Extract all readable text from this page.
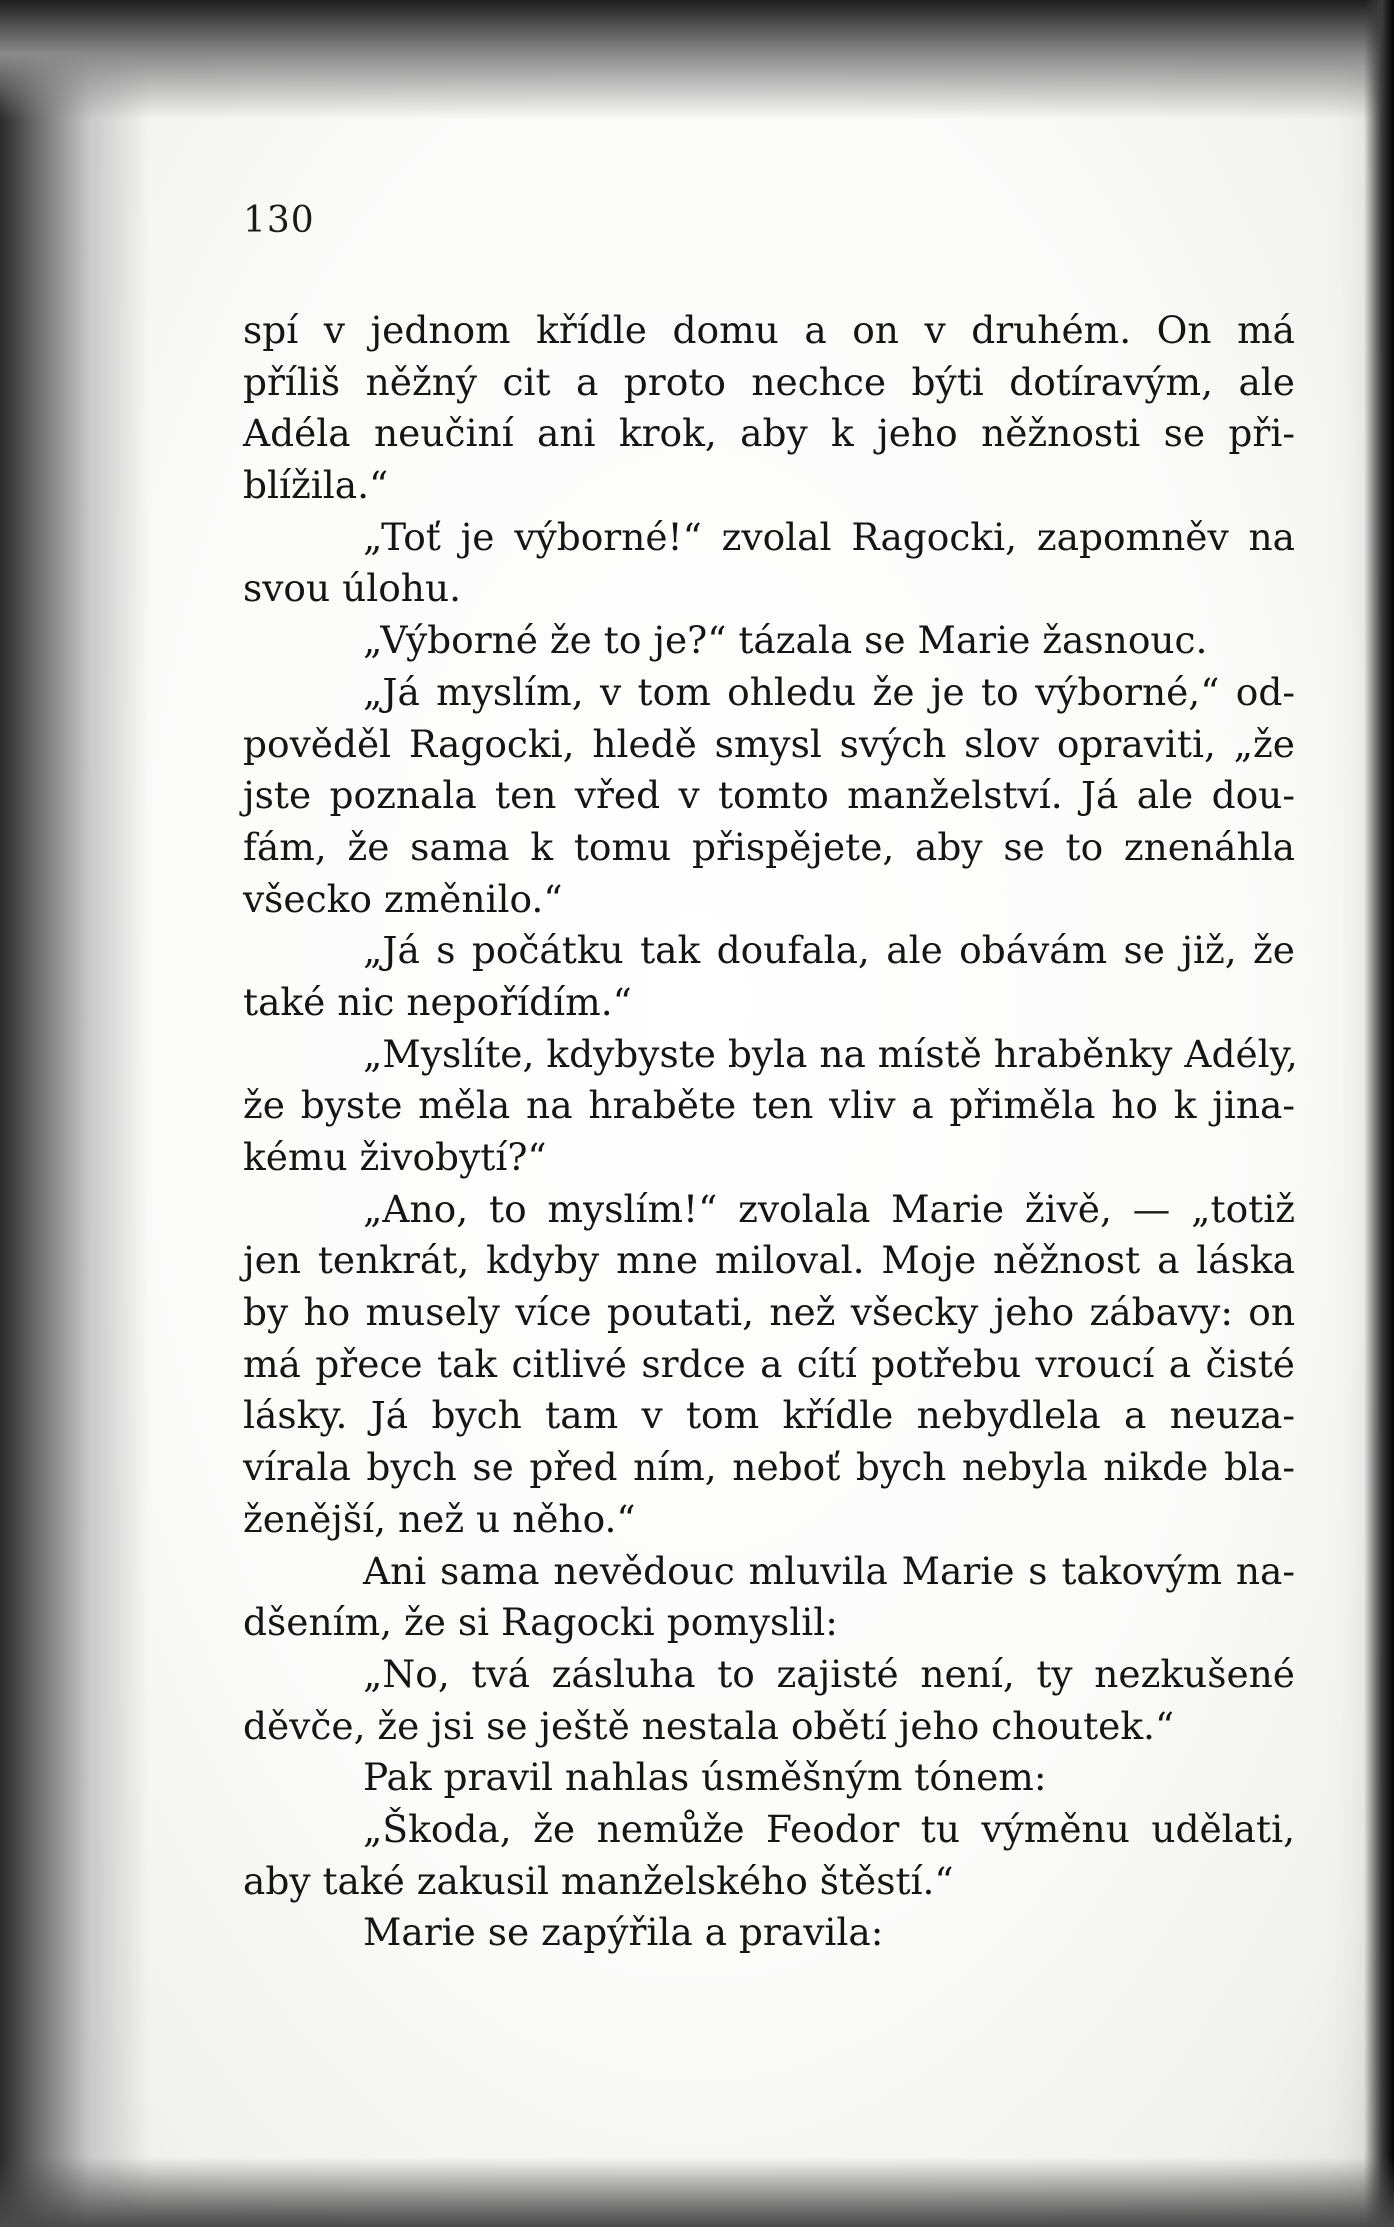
130
spí v jednom křídle domu a on v druhém. On má
příliš něžný cit a proto nechce býti dotíravým, ale
Adéla neučiní ani krok, aby k jeho něžnosti se při-
blížila.“
„Toť je výborné!“ zvolal Ragocki, zapomněv na
svou úlohu.
„Výborné že to je?“ tázala se Marie žasnouc.
„Já myslím, v tom ohledu že je to výborné,“ od-
pověděl Ragocki, hledě smysl svých slov opraviti, „že
jste poznala ten vřed v tomto manželství. Já ale dou-
fám, že sama k tomu přispějete, aby se to znenáhla
všecko změnilo.“
„Já s počátku tak doufala, ale obávám se již, že
také nic nepořídím.“
„Myslíte, kdybyste byla na místě hraběnky Adély,
že byste měla na hraběte ten vliv a přiměla ho k jina-
kému živobytí?“
„Ano, to myslím!“ zvolala Marie živě, — „totiž
jen tenkrát, kdyby mne miloval. Moje něžnost a láska
by ho musely více poutati, než všecky jeho zábavy: on
má přece tak citlivé srdce a cítí potřebu vroucí a čisté
lásky. Já bych tam v tom křídle nebydlela a neuza-
vírala bych se před ním, neboť bych nebyla nikde bla-
ženější, než u něho.“
Ani sama nevědouc mluvila Marie s takovým na-
dšením, že si Ragocki pomyslil:
„No, tvá zásluha to zajisté není, ty nezkušené
děvče, že jsi se ještě nestala obětí jeho choutek.“
Pak pravil nahlas úsměšným tónem:
„Škoda, že nemůže Feodor tu výměnu udělati,
aby také zakusil manželského štěstí.“
Marie se zapýřila a pravila:
